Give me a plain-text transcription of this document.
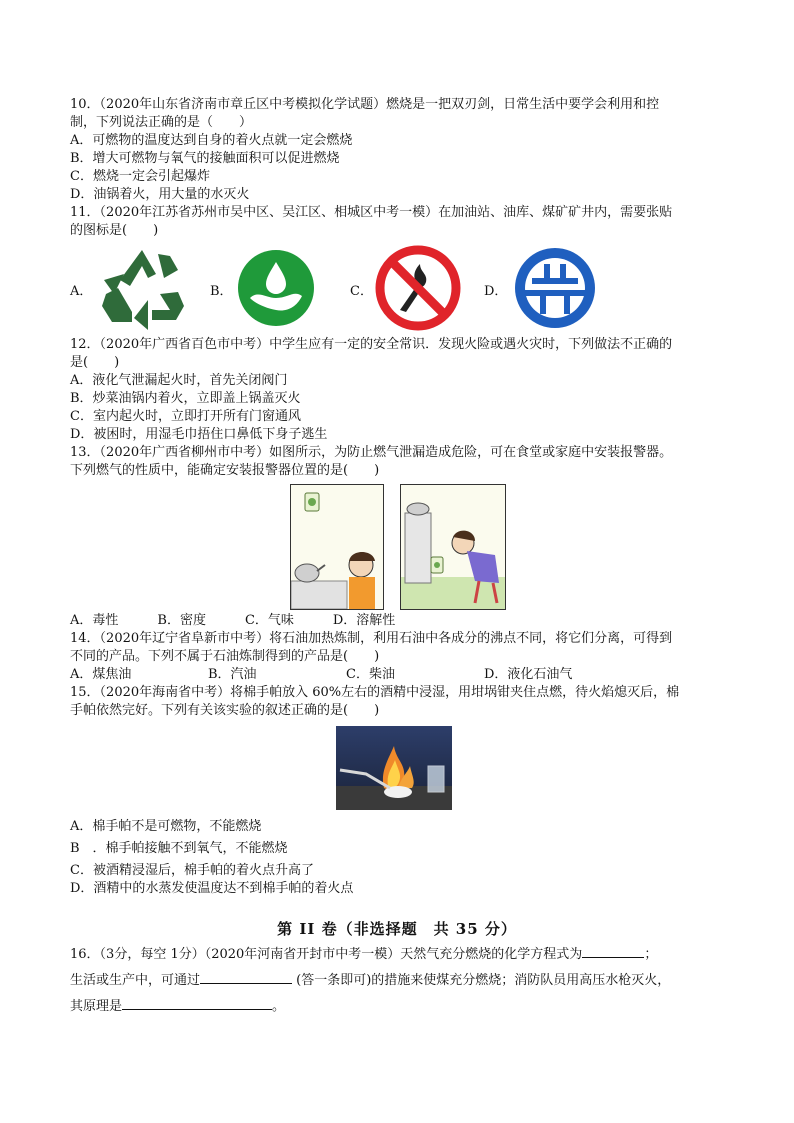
10．（2020年山东省济南市章丘区中考模拟化学试题）燃烧是一把双刃剑，日常生活中要学会利用和控
制，下列说法正确的是（　　）
A．可燃物的温度达到自身的着火点就一定会燃烧
B．增大可燃物与氧气的接触面积可以促进燃烧
C．燃烧一定会引起爆炸
D．油锅着火，用大量的水灭火
11．（2020年江苏省苏州市吴中区、吴江区、相城区中考一模）在加油站、油库、煤矿矿井内，需要张贴
的图标是(　　)
A．	B．	C．	D．
12．（2020年广西省百色市中考）中学生应有一定的安全常识．发现火险或遇火灾时，下列做法不正确的
是(　　)
A．液化气泄漏起火时，首先关闭阀门
B．炒菜油锅内着火，立即盖上锅盖灭火
C．室内起火时，立即打开所有门窗通风
D．被困时，用湿毛巾捂住口鼻低下身子逃生
13．（2020年广西省柳州市中考）如图所示，为防止燃气泄漏造成危险，可在食堂或家庭中安装报警器。
下列燃气的性质中，能确定安装报警器位置的是(　　)
A．毒性　　　B．密度　　　C．气味　　　D．溶解性
14．（2020年辽宁省阜新市中考）将石油加热炼制，利用石油中各成分的沸点不同，将它们分离，可得到
不同的产品。下列不属于石油炼制得到的产品是(　　)
A．煤焦油	B．汽油	C．柴油	D．液化石油气
15．（2020年海南省中考）将棉手帕放入 60%左右的酒精中浸湿，用坩埚钳夹住点燃，待火焰熄灭后，棉
手帕依然完好。下列有关该实验的叙述正确的是(　　)
A．棉手帕不是可燃物，不能燃烧
B　．棉手帕接触不到氧气，不能燃烧
C．被酒精浸湿后，棉手帕的着火点升高了
D．酒精中的水蒸发使温度达不到棉手帕的着火点
第 II 卷（非选择题　共 35 分）
16．（3分，每空 1分）（2020年河南省开封市中考一模）天然气充分燃烧的化学方程式为	；
生活或生产中，可通过	(答一条即可)的措施来使煤充分燃烧；消防队员用高压水枪灭火，
其原理是	。
